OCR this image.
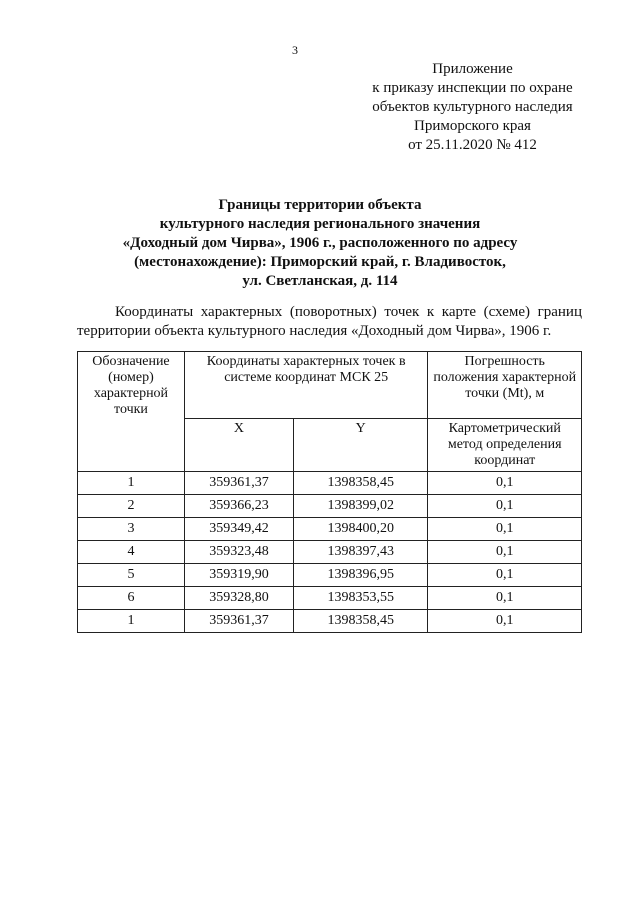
3
Приложение
к приказу инспекции по охране
объектов культурного наследия
Приморского края
от 25.11.2020 № 412
Границы территории объекта
культурного наследия регионального значения
«Доходный дом Чирва», 1906 г., расположенного по адресу
(местонахождение): Приморский край, г. Владивосток,
ул. Светланская, д. 114
Координаты характерных (поворотных) точек к карте (схеме) границ
территории объекта культурного наследия «Доходный дом Чирва», 1906 г.
Обозначение (номер) характерной точки	Координаты характерных точек в системе координат МСК 25		Погрешность положения характерной точки (Mt), м
	X	Y	Картометрический метод определения координат
1	359361,37	1398358,45	0,1
2	359366,23	1398399,02	0,1
3	359349,42	1398400,20	0,1
4	359323,48	1398397,43	0,1
5	359319,90	1398396,95	0,1
6	359328,80	1398353,55	0,1
1	359361,37	1398358,45	0,1
